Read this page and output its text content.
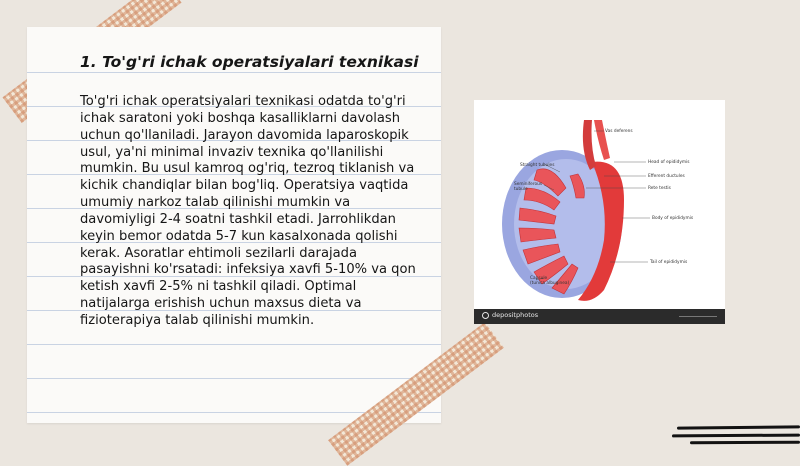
1. To'g'ri ichak operatsiyalari texnikasi

To'g'ri ichak operatsiyalari texnikasi odatda to'g'ri ichak saratoni yoki boshqa kasalliklarni davolash uchun qo'llaniladi. Jarayon davomida laparoskopik usul, ya'ni minimal invaziv texnika qo'llanilishi mumkin. Bu usul kamroq og'riq, tezroq tiklanish va kichik chandiqlar bilan bog'liq. Operatsiya vaqtida umumiy narkoz talab qilinishi mumkin va davomiyligi 2-4 soatni tashkil etadi. Jarrohlikdan keyin bemor odatda 5-7 kun kasalxonada qolishi kerak. Asoratlar ehtimoli sezilarli darajada pasayishni ko'rsatadi: infeksiya xavfi 5-10% va qon ketish xavfi 2-5% ni tashkil qiladi. Optimal natijalarga erishish uchun maxsus dieta va fizioterapiya talab qilinishi mumkin.

Vas deferens
Straight tubules
Seminiferous
tubule
Head of epididymis
Efferent ductules
Rete testis
Body of epididymis
Tail of epididymis
Capsule
(tunica albuginea)
depositphotos
